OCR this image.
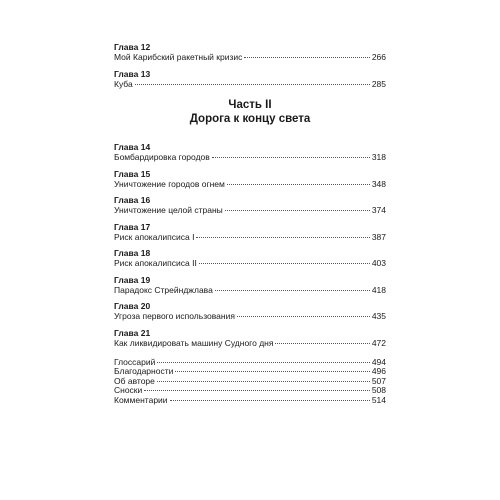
Глава 12
Мой Карибский ракетный кризис	266
Глава 13
Куба	285
Часть II
Дорога к концу света
Глава 14
Бомбардировка городов	318
Глава 15
Уничтожение городов огнем	348
Глава 16
Уничтожение целой страны	374
Глава 17
Риск апокалипсиса I	387
Глава 18
Риск апокалипсиса II	403
Глава 19
Парадокс Стрейнджлава	418
Глава 20
Угроза первого использования	435
Глава 21
Как ликвидировать машину Судного дня	472
Глоссарий	494
Благодарности	496
Об авторе	507
Сноски	508
Комментарии	514
